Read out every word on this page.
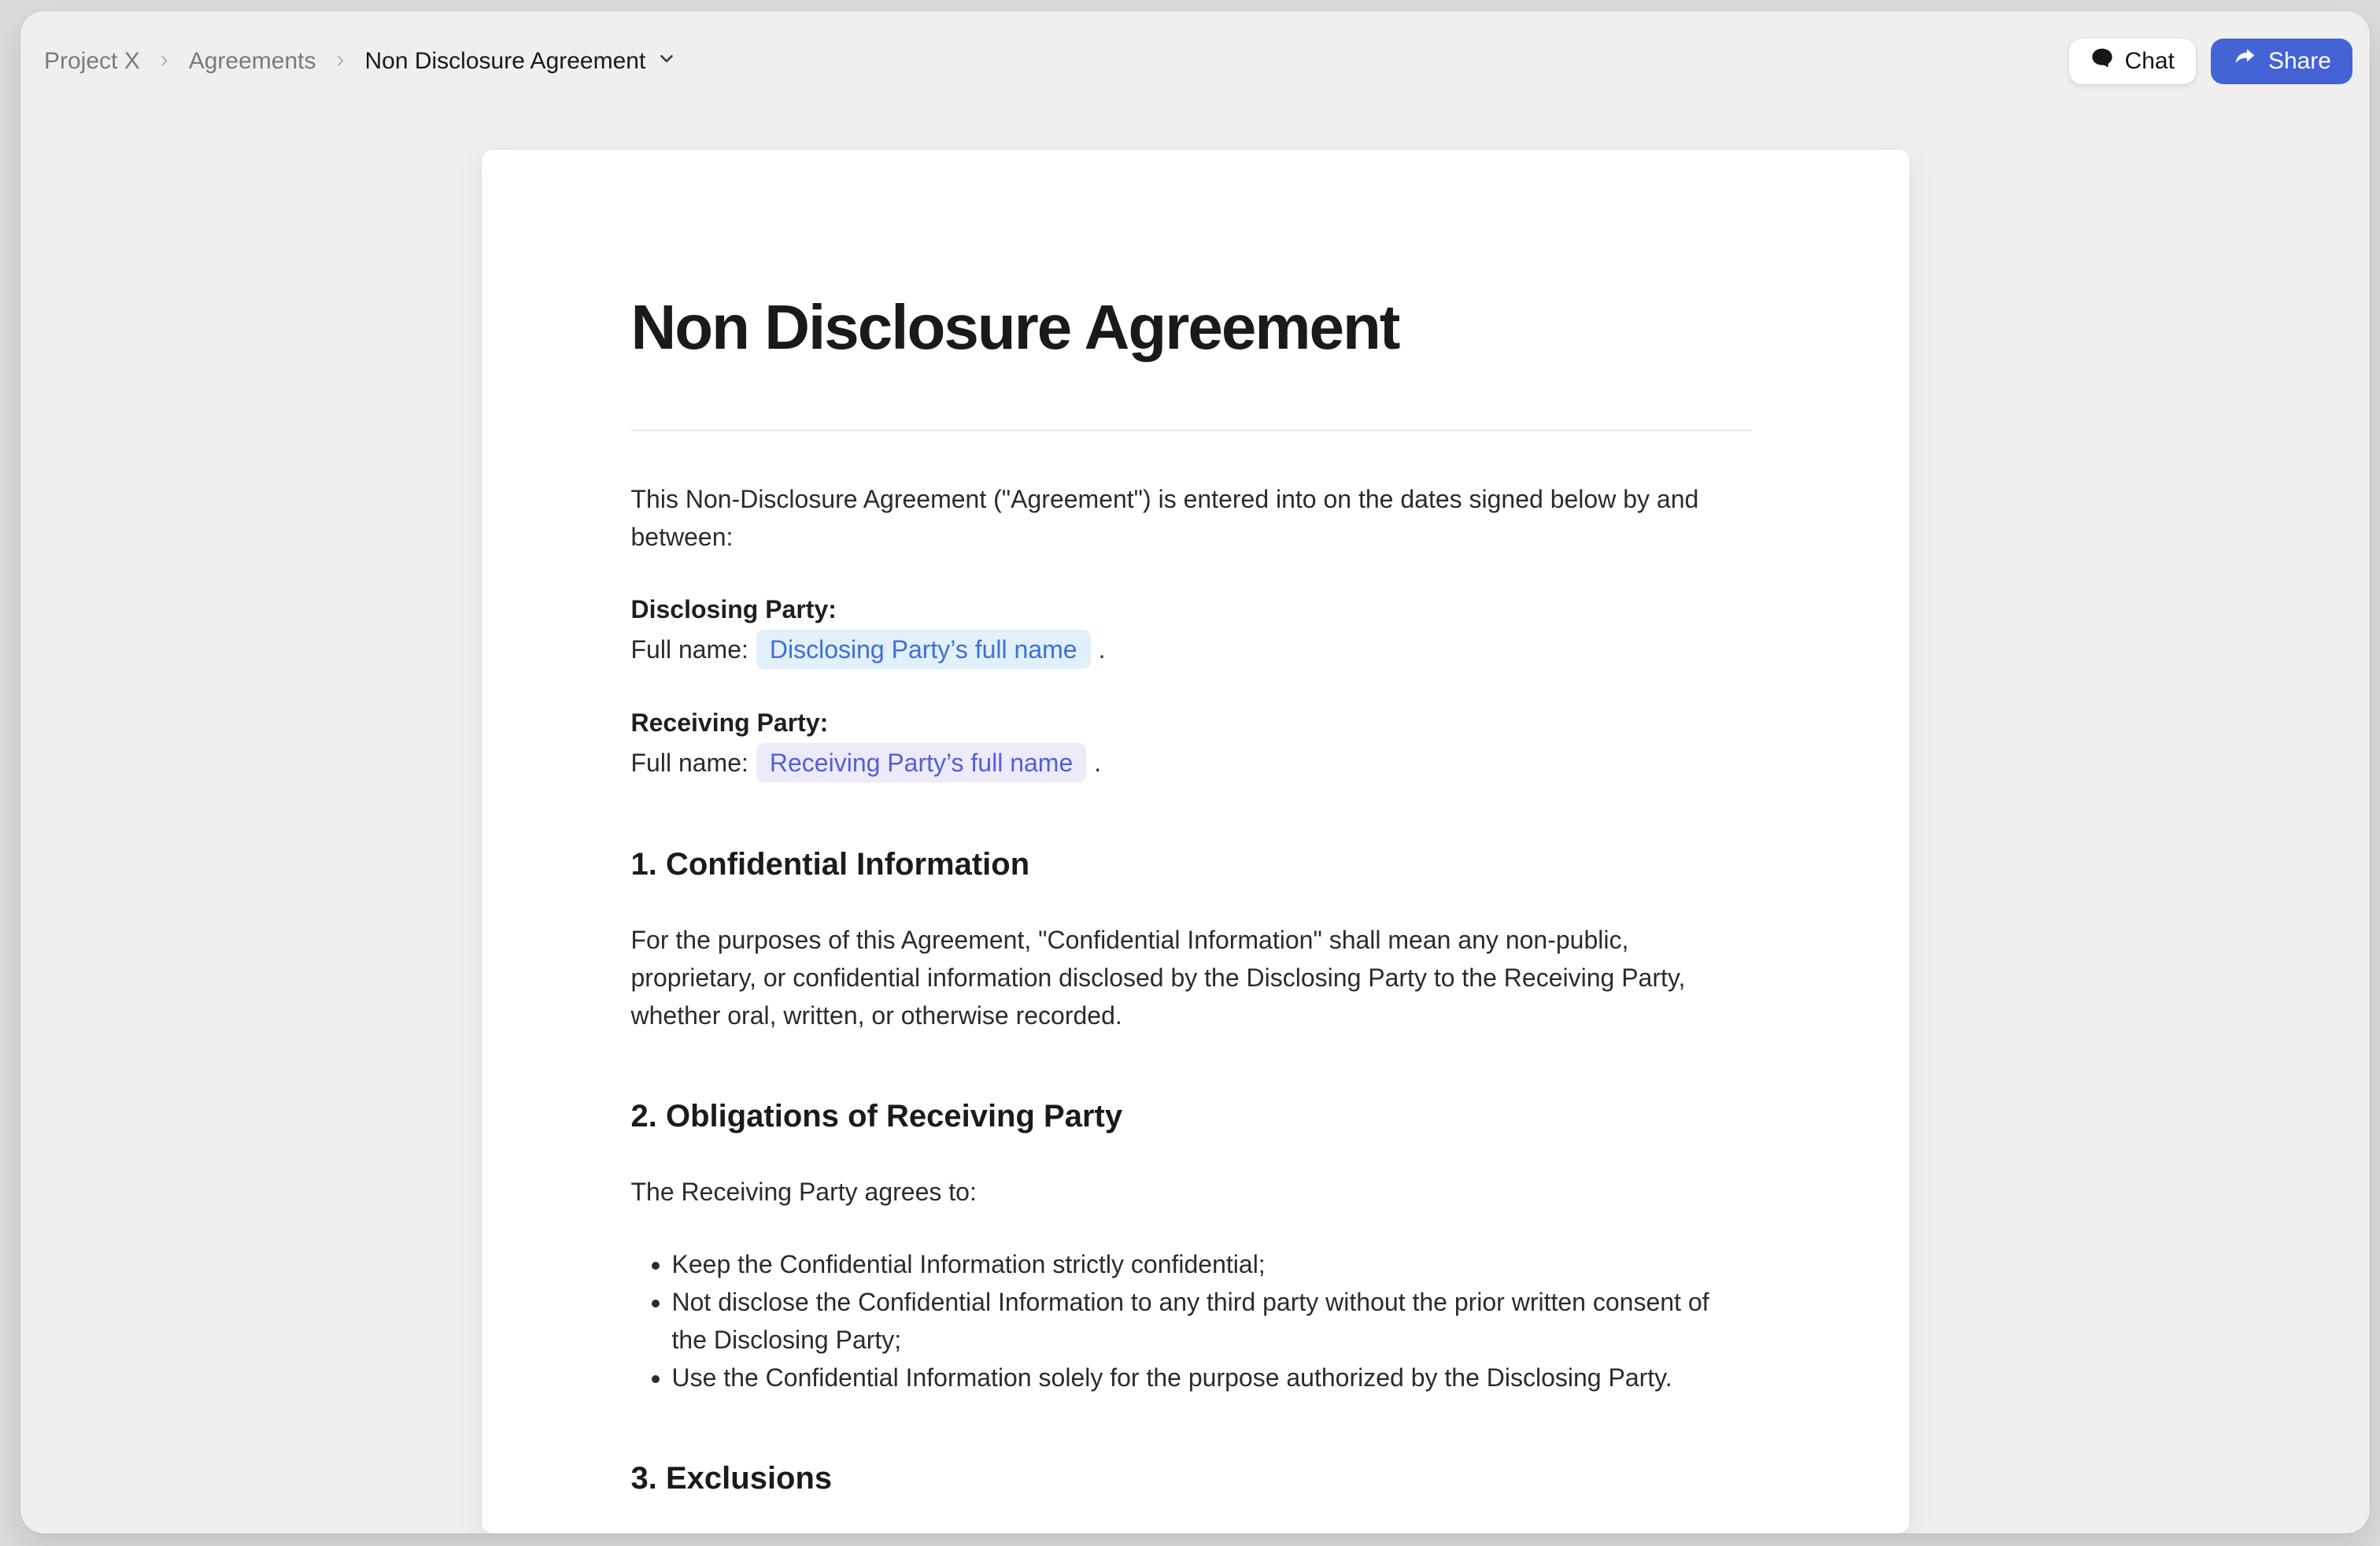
Project X › Agreements › Non Disclosure Agreement	Chat	Share
Non Disclosure Agreement

This Non-Disclosure Agreement ("Agreement") is entered into on the dates signed below by and between:

Disclosing Party:
Full name: Disclosing Party’s full name .
Receiving Party:
Full name: Receiving Party’s full name .
1. Confidential Information

For the purposes of this Agreement, "Confidential Information" shall mean any non-public, proprietary, or confidential information disclosed by the Disclosing Party to the Receiving Party, whether oral, written, or otherwise recorded.

2. Obligations of Receiving Party

The Receiving Party agrees to:

• Keep the Confidential Information strictly confidential;
• Not disclose the Confidential Information to any third party without the prior written consent of the Disclosing Party;
• Use the Confidential Information solely for the purpose authorized by the Disclosing Party.
3. Exclusions
